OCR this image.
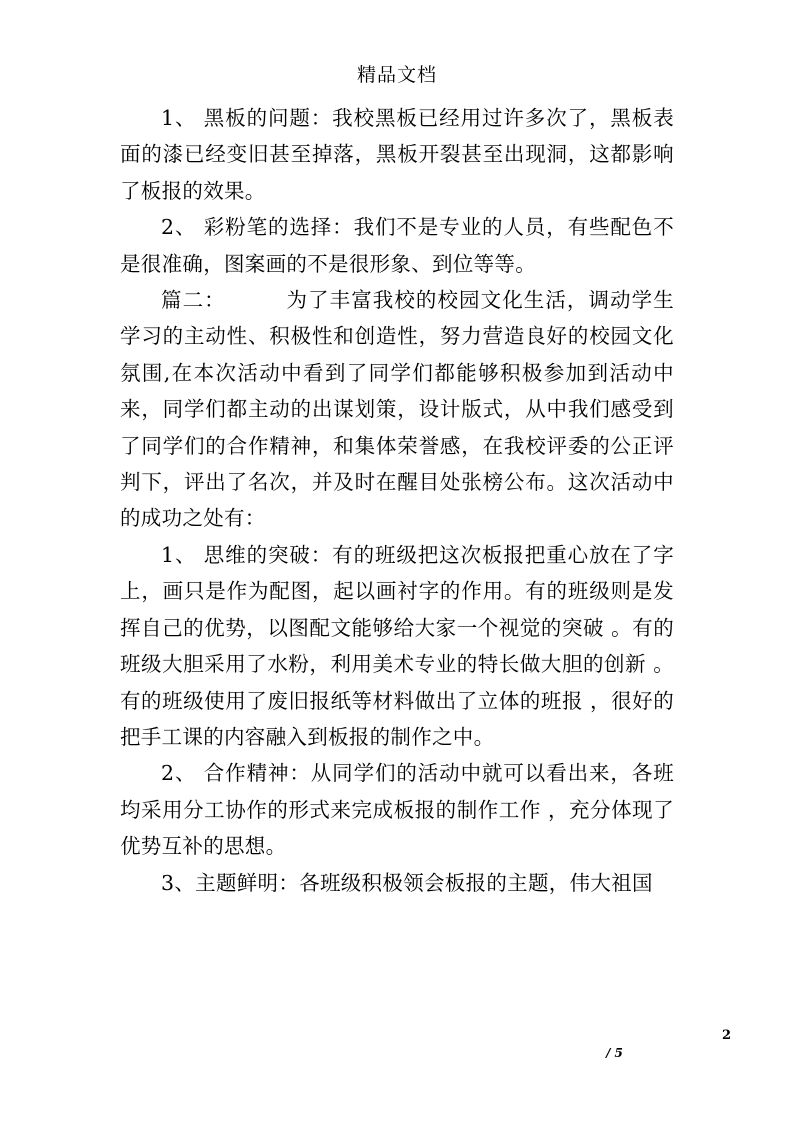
精品文档

1、 黑板的问题：我校黑板已经用过许多次了，黑板表面的漆已经变旧甚至掉落，黑板开裂甚至出现洞，这都影响了板报的效果。

2、 彩粉笔的选择：我们不是专业的人员，有些配色不是很准确，图案画的不是很形象、到位等等。

篇二：	为了丰富我校的校园文化生活，调动学生学习的主动性、积极性和创造性，努力营造良好的校园文化氛围,在本次活动中看到了同学们都能够积极参加到活动中来，同学们都主动的出谋划策，设计版式，从中我们感受到了同学们的合作精神，和集体荣誉感，在我校评委的公正评判下，评出了名次，并及时在醒目处张榜公布。这次活动中的成功之处有：

1、 思维的突破：有的班级把这次板报把重心放在了字上，画只是作为配图，起以画衬字的作用。有的班级则是发挥自己的优势，以图配文能够给大家一个视觉的突破 。有的班级大胆采用了水粉，利用美术专业的特长做大胆的创新 。有的班级使用了废旧报纸等材料做出了立体的班报 ，很好的把手工课的内容融入到板报的制作之中。

2、 合作精神：从同学们的活动中就可以看出来，各班均采用分工协作的形式来完成板报的制作工作 ，充分体现了优势互补的思想。

3、主题鲜明：各班级积极领会板报的主题，伟大祖国

2
/ 5
